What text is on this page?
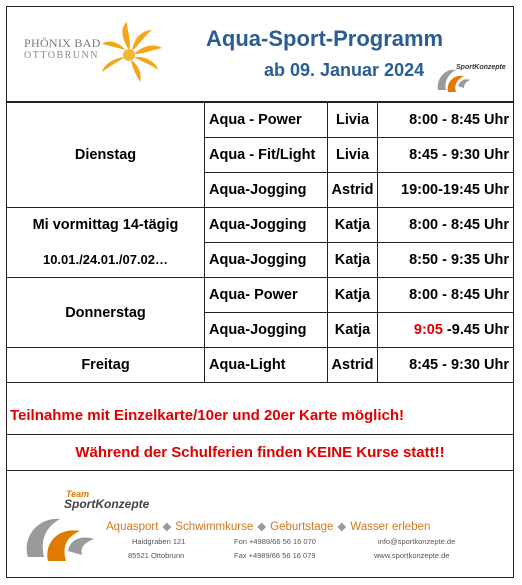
PHÖNIX BAD
OTTOBRUNN
Aqua-Sport-Programm
ab 09. Januar 2024	SportKonzepte
Dienstag	Aqua - Power	Livia	8:00 - 8:45 Uhr
	Aqua - Fit/Light	Livia	8:45 - 9:30 Uhr
	Aqua-Jogging	Astrid	19:00-19:45 Uhr
Mi vormittag 14-tägig	Aqua-Jogging	Katja	8:00 - 8:45 Uhr
10.01./24.01./07.02…	Aqua-Jogging	Katja	8:50 - 9:35 Uhr
Donnerstag	Aqua- Power	Katja	8:00 - 8:45 Uhr
	Aqua-Jogging	Katja	9:05 -9.45 Uhr
Freitag	Aqua-Light	Astrid	8:45 - 9:30 Uhr
Teilnahme mit Einzelkarte/10er und 20er Karte möglich!
Während der Schulferien finden KEINE Kurse statt!!
Team
SportKonzepte
Aquasport ◆ Schwimmkurse ◆ Geburtstage ◆ Wasser erleben
Haidgraben 121
85521 Ottobrunn
Fon +4989/66 56 16 070
Fax +4989/66 56 16 079
info@sportkonzepte.de
www.sportkonzepte.de
